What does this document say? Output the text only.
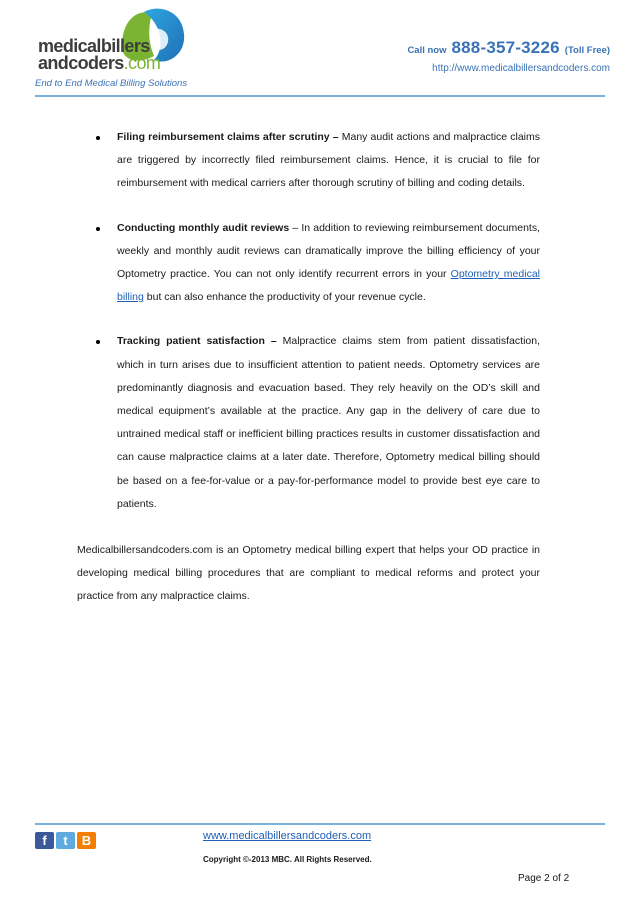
medicalbillers
andcoders.com
End to End Medical Billing Solutions
Call now 888-357-3226 (Toll Free)
http://www.medicalbillersandcoders.com
Filing reimbursement claims after scrutiny – Many audit actions and malpractice claims are triggered by incorrectly filed reimbursement claims. Hence, it is crucial to file for reimbursement with medical carriers after thorough scrutiny of billing and coding details.
Conducting monthly audit reviews – In addition to reviewing reimbursement documents, weekly and monthly audit reviews can dramatically improve the billing efficiency of your Optometry practice. You can not only identify recurrent errors in your Optometry medical billing but can also enhance the productivity of your revenue cycle.
Tracking patient satisfaction – Malpractice claims stem from patient dissatisfaction, which in turn arises due to insufficient attention to patient needs. Optometry services are predominantly diagnosis and evacuation based. They rely heavily on the OD’s skill and medical equipment’s available at the practice. Any gap in the delivery of care due to untrained medical staff or inefficient billing practices results in customer dissatisfaction and can cause malpractice claims at a later date. Therefore, Optometry medical billing should be based on a fee-for-value or a pay-for-performance model to provide best eye care to patients.
Medicalbillersandcoders.com is an Optometry medical billing expert that helps your OD practice in developing medical billing procedures that are compliant to medical reforms and protect your practice from any malpractice claims.
f	t	B	www.medicalbillersandcoders.com
Copyright ©-2013 MBC. All Rights Reserved.
Page 2 of 2
